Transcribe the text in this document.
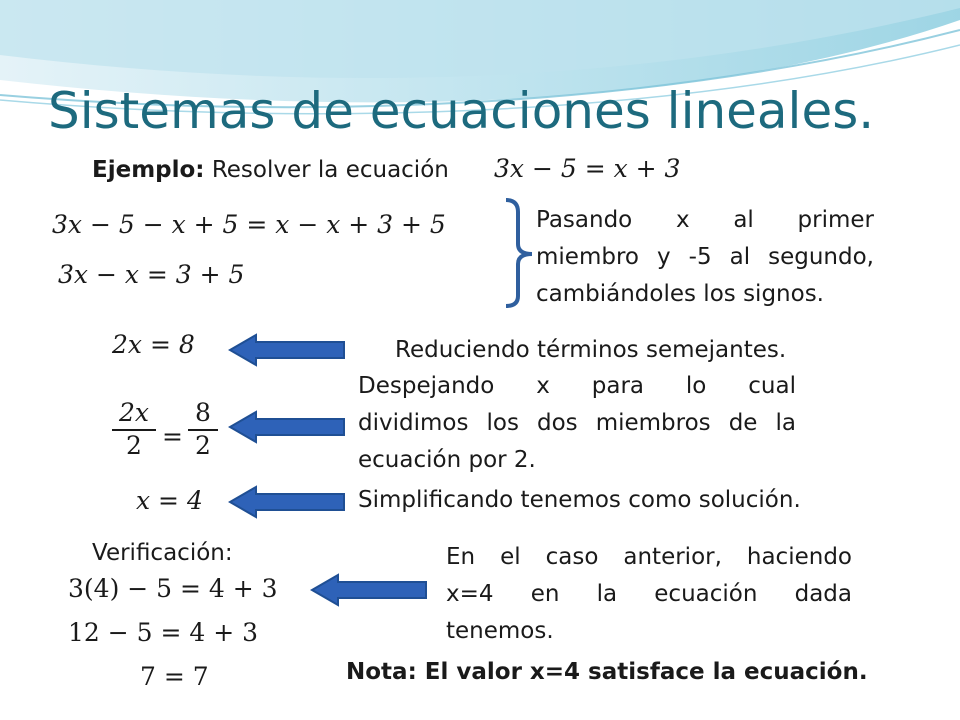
Sistemas de ecuaciones lineales.
Ejemplo: Resolver la ecuación 3x − 5 = x + 3
3x − 5 − x + 5 = x − x + 3 + 5
3x − x = 3 + 5
Pasando x al primer
miembro y -5 al segundo,
cambiándoles los signos.
2x = 8	Reduciendo términos semejantes.
$\frac{2x}{2} = \frac{8}{2}$
Despejando x para lo cual
dividimos los dos miembros de la
ecuación por 2.
x = 4	Simplificando tenemos como solución.
Verificación:
3(4) − 5 = 4 + 3
12 − 5 = 4 + 3
7 = 7
En el caso anterior, haciendo
x=4 en la ecuación dada
tenemos.
Nota: El valor x=4 satisface la ecuación.
